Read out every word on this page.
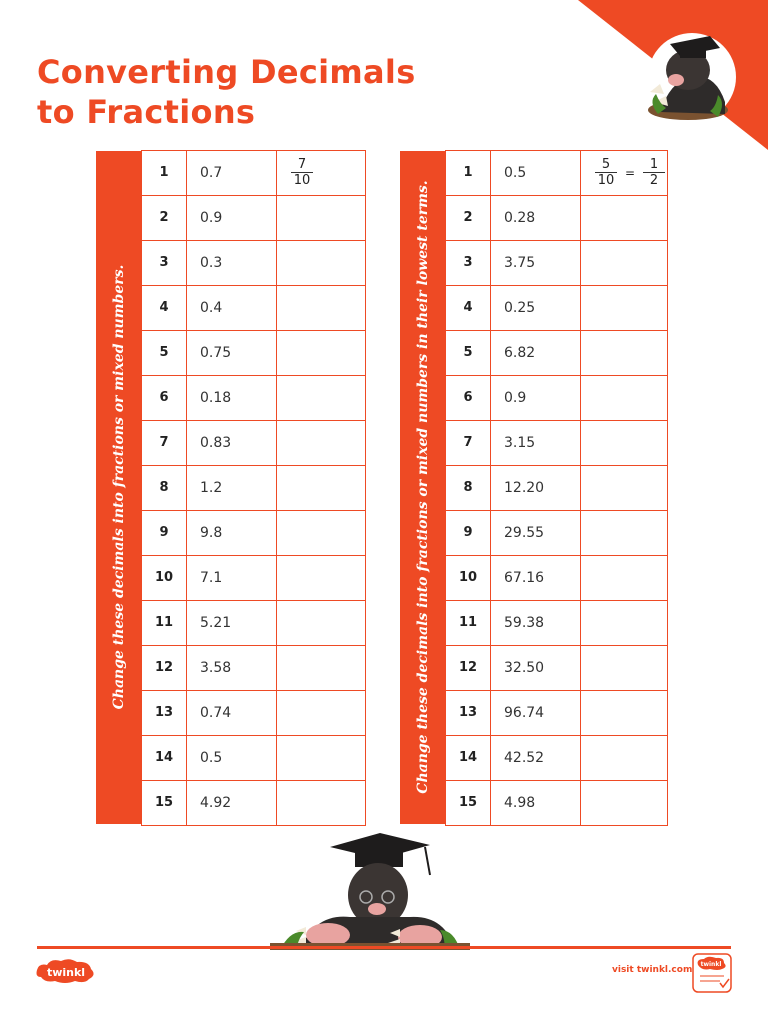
Converting Decimals
to Fractions
Change these decimals into fractions or mixed numbers.
1	0.7	$\frac{7}{10}$
2	0.9
3	0.3
4	0.4
5	0.75
6	0.18
7	0.83
8	1.2
9	9.8
10	7.1
11	5.21
12	3.58
13	0.74
14	0.5
15	4.92
Change these decimals into fractions or mixed numbers in their lowest terms.
1	0.5	$\frac{5}{10} = \frac{1}{2}$
2	0.28
3	3.75
4	0.25
5	6.82
6	0.9
7	3.15
8	12.20
9	29.55
10	67.16
11	59.38
12	32.50
13	96.74
14	42.52
15	4.98
twinkl	visit twinkl.com
twinkl
